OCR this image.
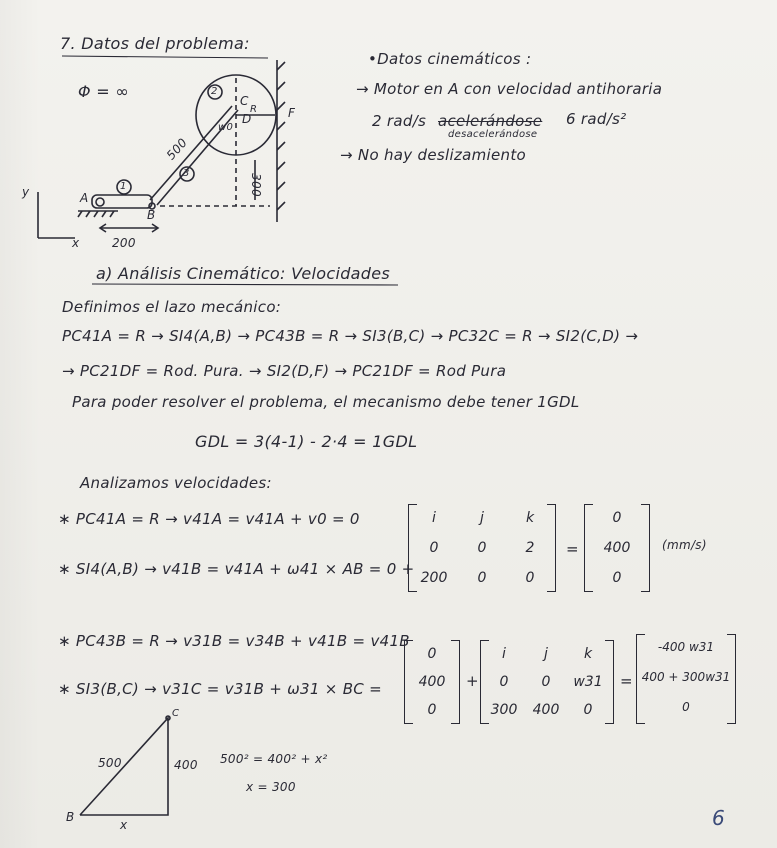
7. Datos del problema:
Φ = ∞
y
x
A
B
C
D	F
1
2
3
500
200
300
R
w0
•Datos cinemáticos :
→ Motor en A con velocidad antihoraria
2 rad/s acelerándose 6 rad/s²
desacelerándose
→ No hay deslizamiento
a) Análisis Cinemático: Velocidades
Definimos el lazo mecánico:
PC41A = R → SI4(A,B) → PC43B = R → SI3(B,C) → PC32C = R → SI2(C,D) →
→ PC21DF = Rod. Pura. → SI2(D,F) → PC21DF = Rod Pura
Para poder resolver el problema, el mecanismo debe tener 1GDL
GDL = 3(4-1) - 2·4 = 1GDL
Analizamos velocidades:
∗ PC41A = R → v41A = v41A + v0 = 0
∗ SI4(A,B) → v41B = v41A + ω41 × AB = 0 +
i	j	k
0	0	2
200	0	0
=
0
400
0
(mm/s)
∗ PC43B = R → v31B = v34B + v41B = v41B
∗ SI3(B,C) → v31C = v31B + ω31 × BC =
0
400
0
+
i	j	k
0	0	w31
300	400	0
=
-400 w31
400 + 300w31
0
500	400
x
B
C
500² = 400² + x²
x = 300
6
